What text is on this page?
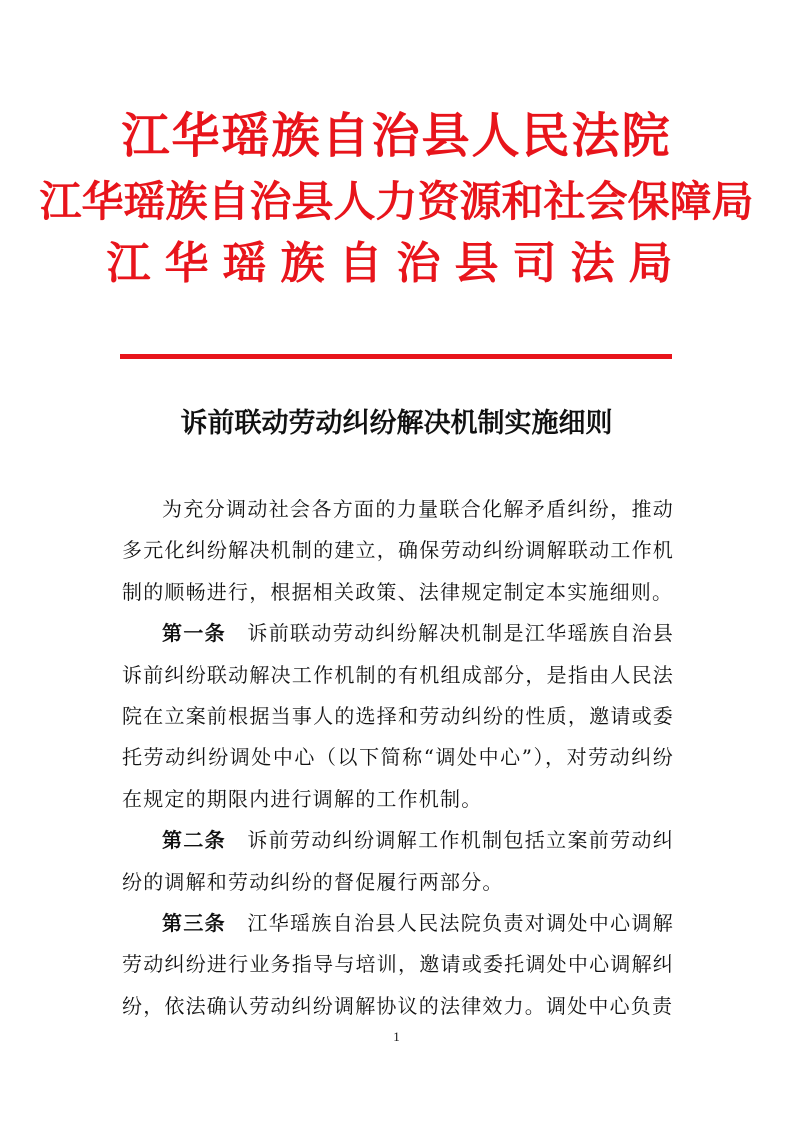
江华瑶族自治县人民法院
江华瑶族自治县人力资源和社会保障局
江华瑶族自治县司法局
诉前联动劳动纠纷解决机制实施细则

为充分调动社会各方面的力量联合化解矛盾纠纷，推动多元化纠纷解决机制的建立，确保劳动纠纷调解联动工作机制的顺畅进行，根据相关政策、法律规定制定本实施细则。

第一条　 诉前联动劳动纠纷解决机制是江华瑶族自治县诉前纠纷联动解决工作机制的有机组成部分，是指由人民法院在立案前根据当事人的选择和劳动纠纷的性质，邀请或委托劳动纠纷调处中心（以下简称“调处中心”），对劳动纠纷在规定的期限内进行调解的工作机制。

第二条　 诉前劳动纠纷调解工作机制包括立案前劳动纠纷的调解和劳动纠纷的督促履行两部分。

第三条　 江华瑶族自治县人民法院负责对调处中心调解劳动纠纷进行业务指导与培训，邀请或委托调处中心调解纠纷，依法确认劳动纠纷调解协议的法律效力。调处中心负责

1
